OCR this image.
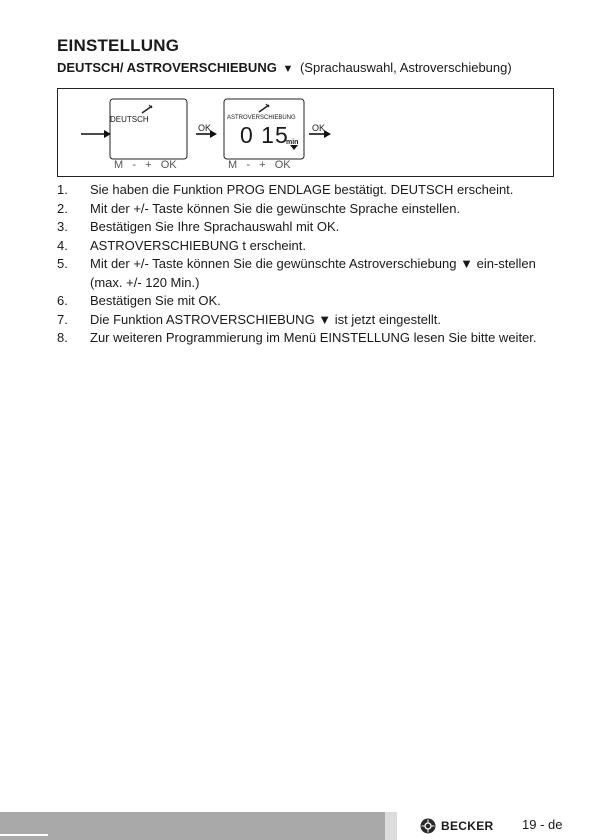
EINSTELLUNG
DEUTSCH/ ASTROVERSCHIEBUNG ▼ (Sprachauswahl, Astroverschiebung)
DEUTSCH	ASTROVERSCHIEBUNG
0 15
min
OK	OK
M   -   +   OK	M   -   +   OK
1.	Sie haben die Funktion PROG ENDLAGE bestätigt. DEUTSCH erscheint.
2.	Mit der +/- Taste können Sie die gewünschte Sprache einstellen.
3.	Bestätigen Sie Ihre Sprachauswahl mit OK.
4.	ASTROVERSCHIEBUNG t erscheint.
5.	Mit der +/- Taste können Sie die gewünschte Astroverschiebung ▼ ein-stellen (max. +/- 120 Min.)
6.	Bestätigen Sie mit OK.
7.	Die Funktion ASTROVERSCHIEBUNG ▼ ist jetzt eingestellt.
8.	Zur weiteren Programmierung im Menü EINSTELLUNG lesen Sie bitte weiter.
BECKER 19 - de
